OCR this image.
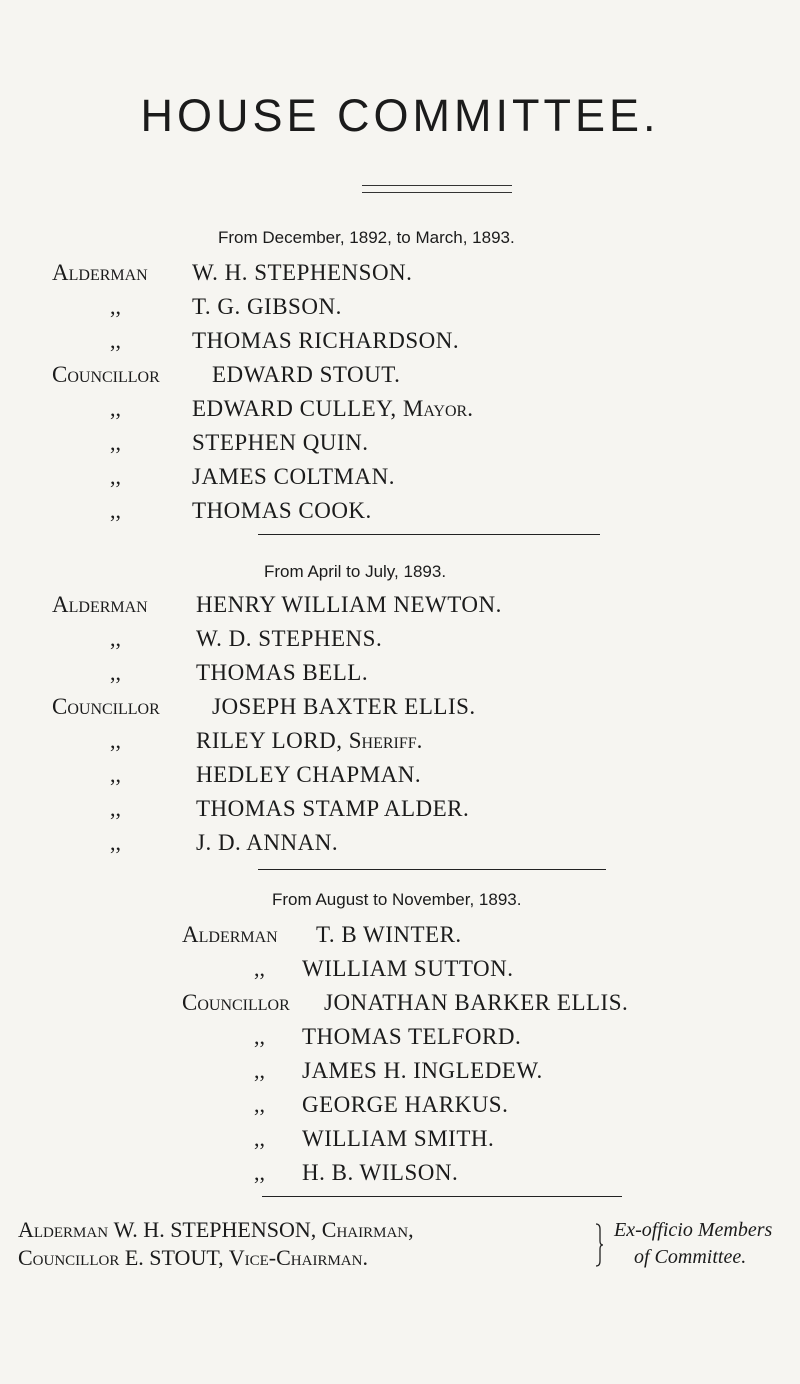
HOUSE COMMITTEE.
From December, 1892, to March, 1893.
Alderman W. H. STEPHENSON.
,,	T. G. GIBSON.
,,	THOMAS RICHARDSON.
Councillor EDWARD STOUT.
,,	EDWARD CULLEY, Mayor.
,,	STEPHEN QUIN.
,,	JAMES COLTMAN.
,,	THOMAS COOK.
From April to July, 1893.
Alderman HENRY WILLIAM NEWTON.
,,	W. D. STEPHENS.
,,	THOMAS BELL.
Councillor JOSEPH BAXTER ELLIS.
,,	RILEY LORD, Sheriff.
,,	HEDLEY CHAPMAN.
,,	THOMAS STAMP ALDER.
,,	J. D. ANNAN.
From August to November, 1893.
Alderman T. B WINTER.
,, WILLIAM SUTTON.
Councillor JONATHAN BARKER ELLIS.
,, THOMAS TELFORD.
,, JAMES H. INGLEDEW.
,, GEORGE HARKUS.
,, WILLIAM SMITH.
,, H. B. WILSON.
Alderman W. H. STEPHENSON, Chairman,
Councillor E. STOUT, Vice-Chairman.
Ex-officio Members
of Committee.
